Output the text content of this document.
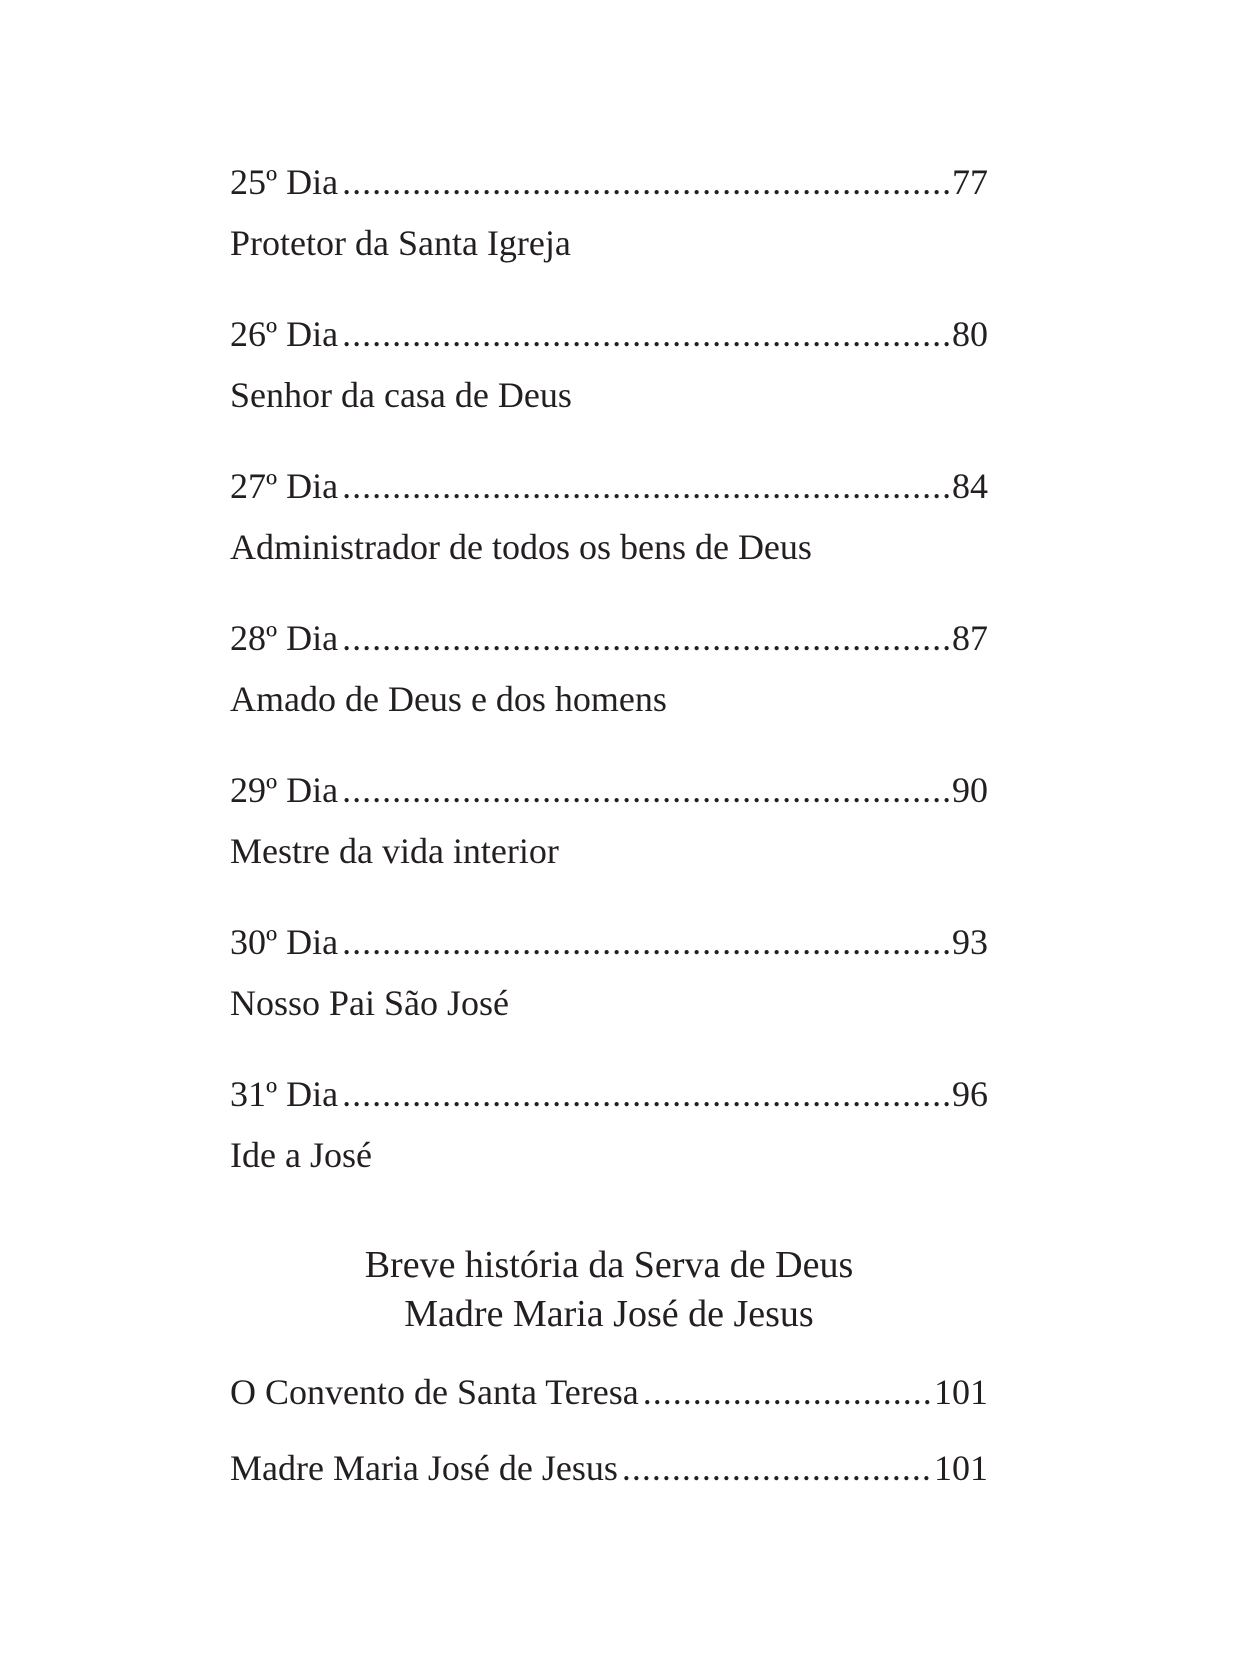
25º Dia .....	77
Protetor da Santa Igreja
26º Dia .....	80
Senhor da casa de Deus
27º Dia .....	84
Administrador de todos os bens de Deus
28º Dia .....	87
Amado de Deus e dos homens
29º Dia .....	90
Mestre da vida interior
30º Dia .....	93
Nosso Pai São José
31º Dia .....	96
Ide a José
Breve história da Serva de Deus
Madre Maria José de Jesus
O Convento de Santa Teresa .....	101
Madre Maria José de Jesus .....	101
